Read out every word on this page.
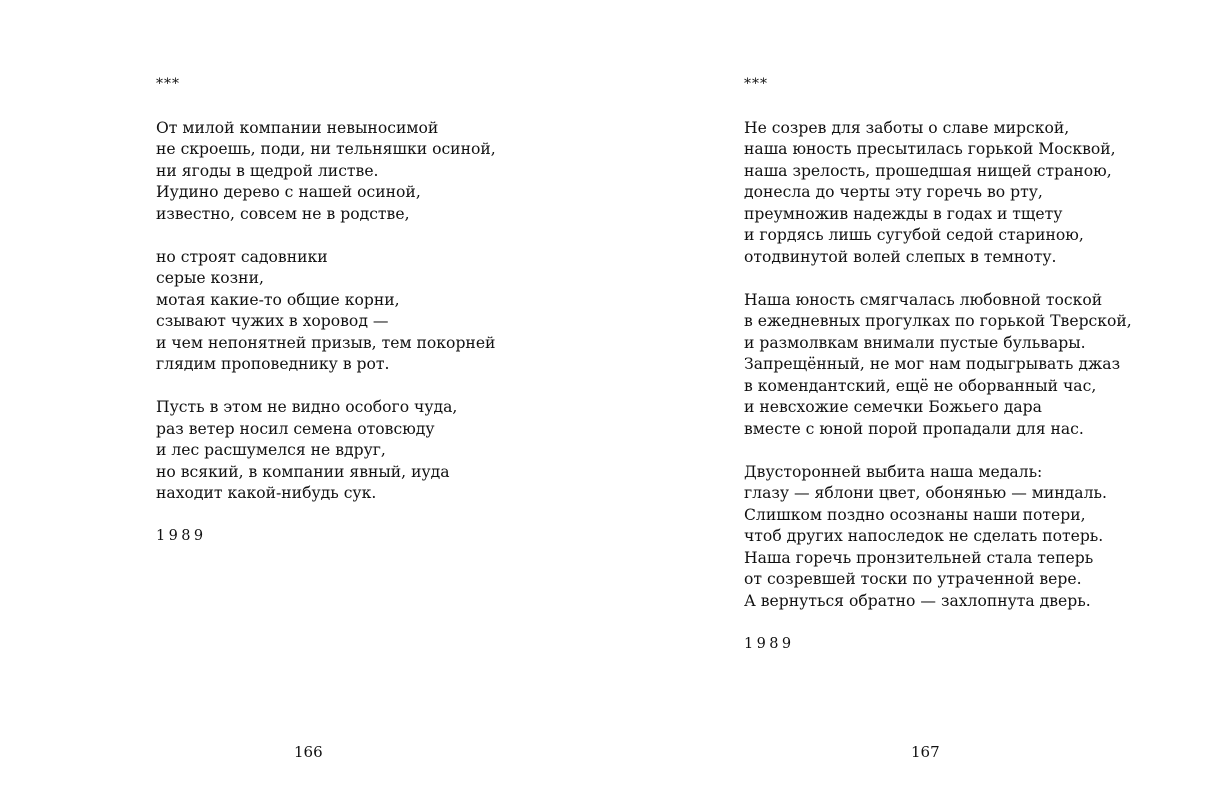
***
От милой компании невыносимой
не скроешь, поди, ни тельняшки осиной,
ни ягоды в щедрой листве.
Иудино дерево с нашей осиной,
известно, совсем не в родстве,
но строят садовники
серые козни,
мотая какие-то общие корни,
сзывают чужих в хоровод —
и чем непонятней призыв, тем покорней
глядим проповеднику в рот.
Пусть в этом не видно особого чуда,
раз ветер носил семена отовсюду
и лес расшумелся не вдруг,
но всякий, в компании явный, иуда
находит какой-нибудь сук.
1989
166
***
Не созрев для заботы о славе мирской,
наша юность пресытилась горькой Москвой,
наша зрелость, прошедшая нищей страною,
донесла до черты эту горечь во рту,
преумножив надежды в годах и тщету
и гордясь лишь сугубой седой стариною,
отодвинутой волей слепых в темноту.
Наша юность смягчалась любовной тоской
в ежедневных прогулках по горькой Тверской,
и размолвкам внимали пустые бульвары.
Запрещённый, не мог нам подыгрывать джаз
в комендантский, ещё не оборванный час,
и невсхожие семечки Божьего дара
вместе с юной порой пропадали для нас.
Двусторонней выбита наша медаль:
глазу — яблони цвет, обонянью — миндаль.
Слишком поздно осознаны наши потери,
чтоб других напоследок не сделать потерь.
Наша горечь пронзительней стала теперь
от созревшей тоски по утраченной вере.
А вернуться обратно — захлопнута дверь.
1989
167
